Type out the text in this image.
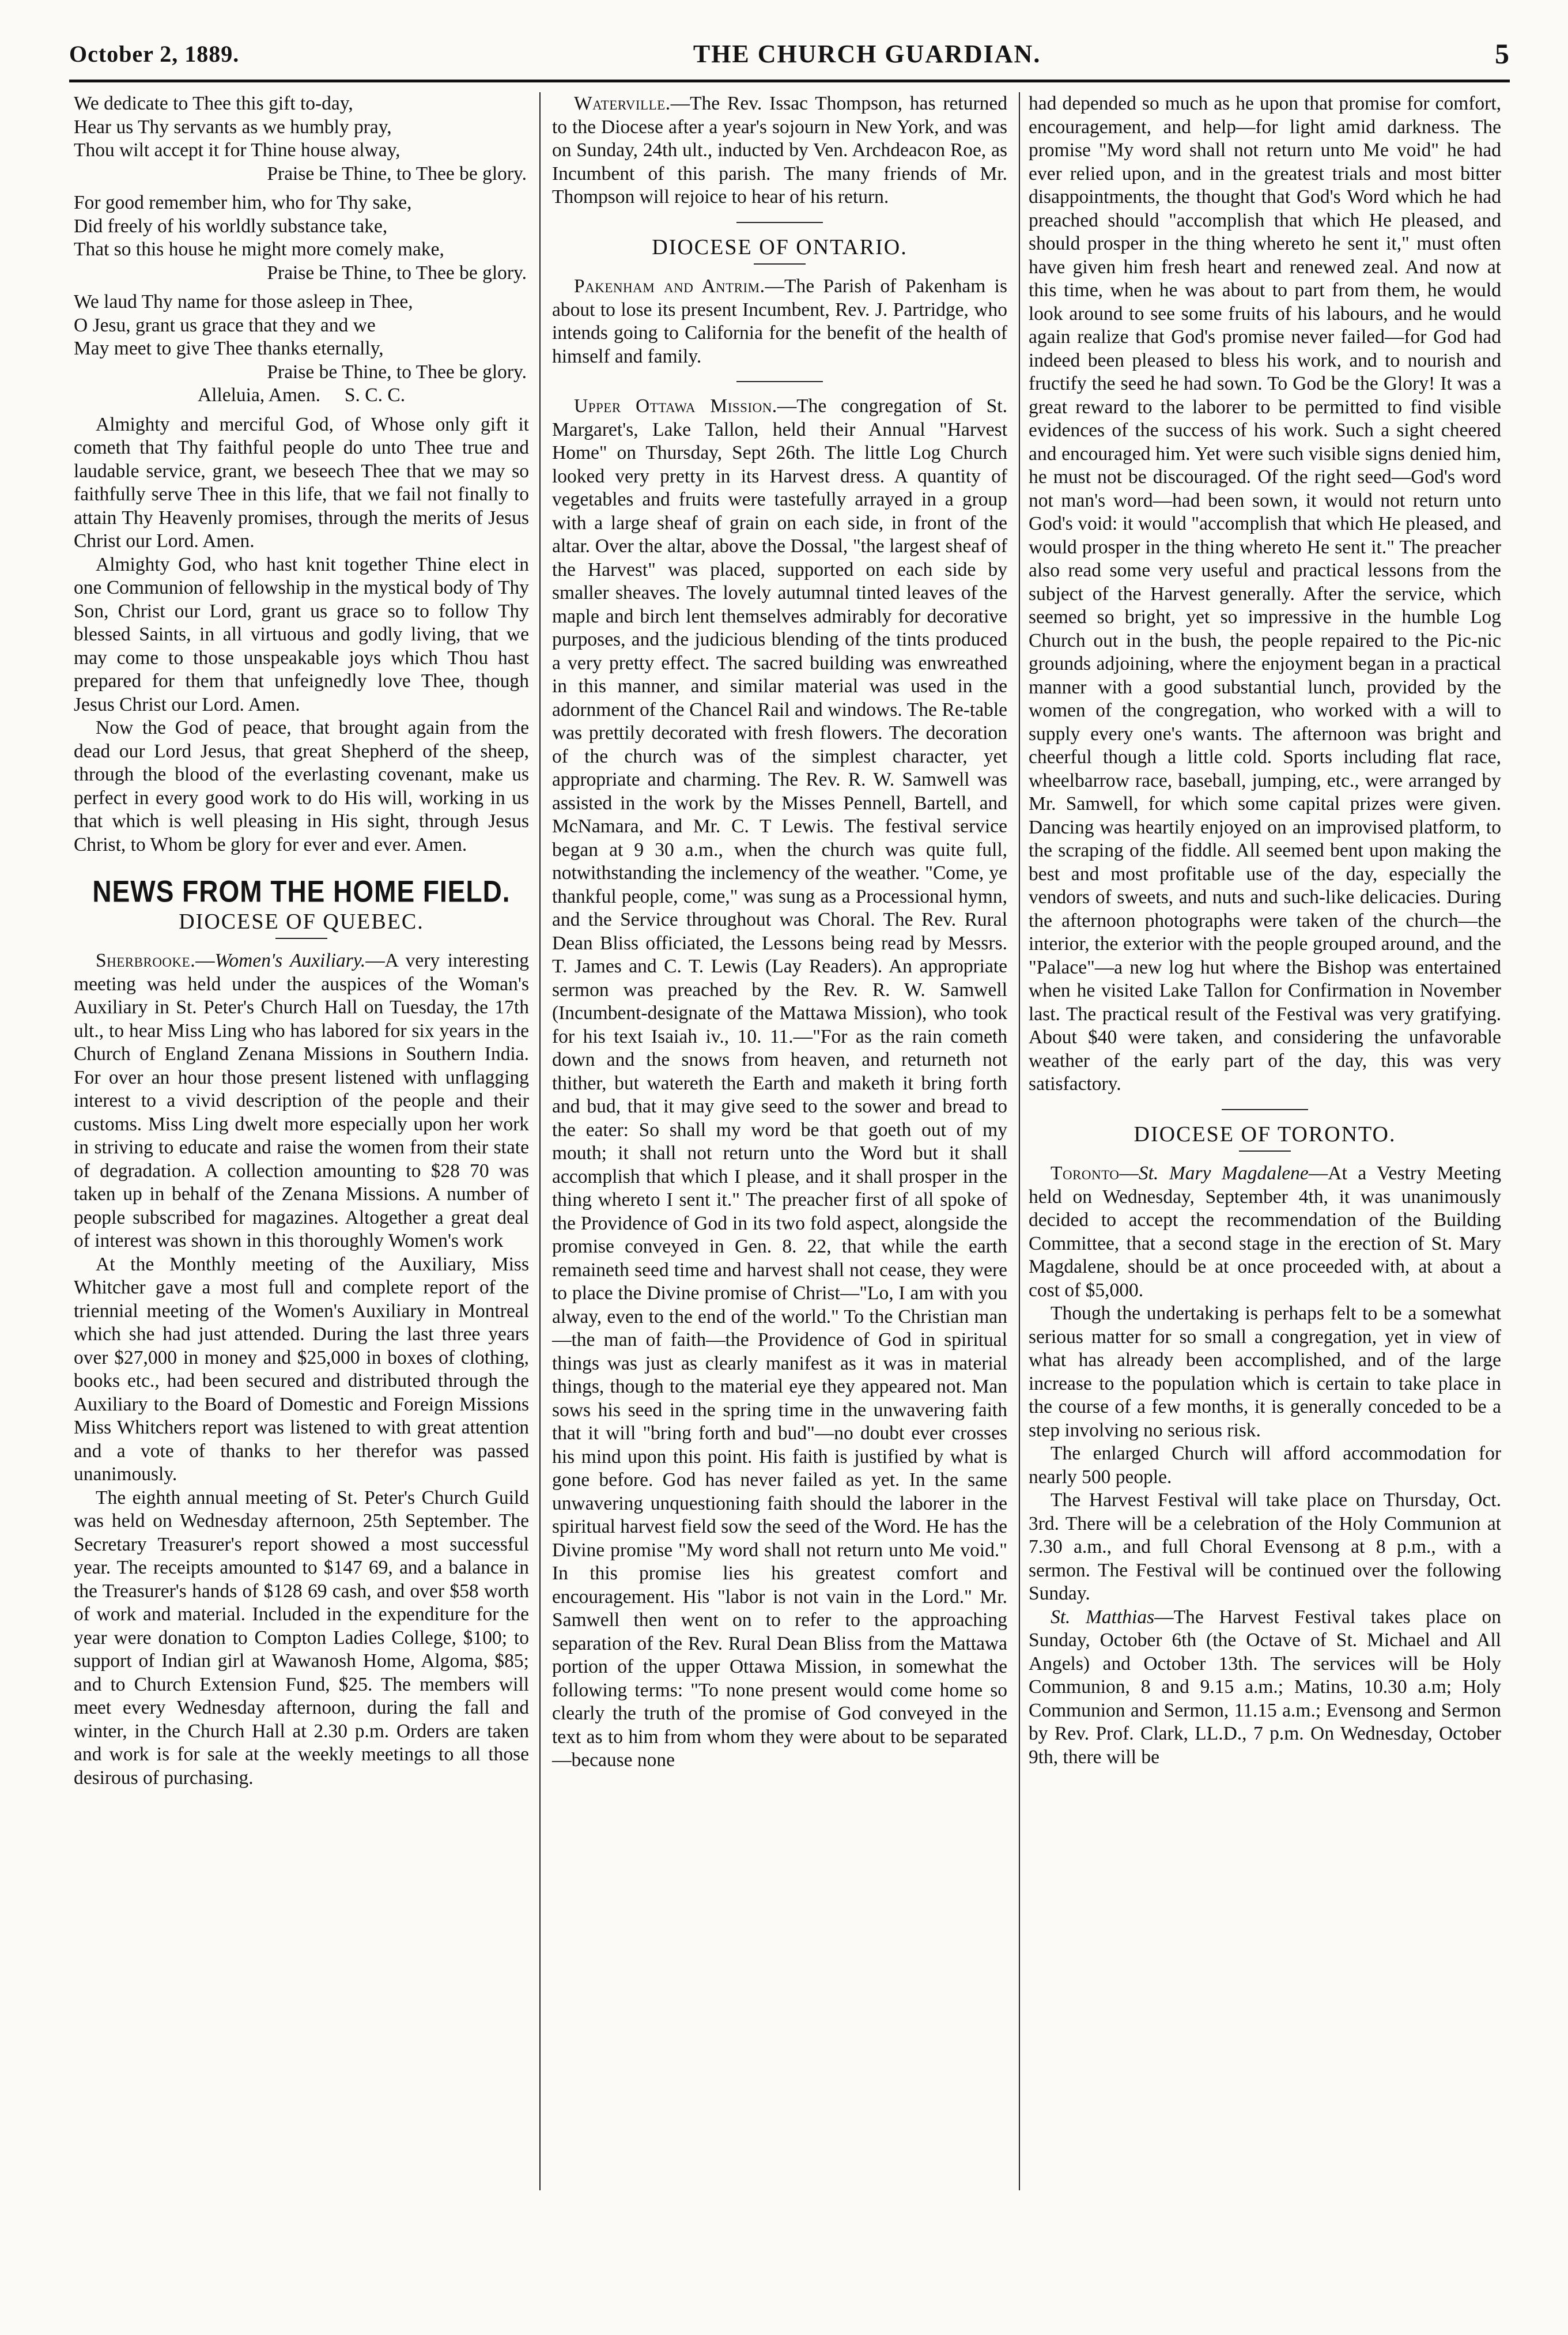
October 2, 1889.	THE CHURCH GUARDIAN.	5
We dedicate to Thee this gift to-day,
Hear us Thy servants as we humbly pray,
Thou wilt accept it for Thine house alway,
Praise be Thine, to Thee be glory.
For good remember him, who for Thy sake,
Did freely of his worldly substance take,
That so this house he might more comely make,
Praise be Thine, to Thee be glory.
We laud Thy name for those asleep in Thee,
O Jesu, grant us grace that they and we
May meet to give Thee thanks eternally,
Praise be Thine, to Thee be glory.
Alleluia, Amen.     S. C. C.

Almighty and merciful God, of Whose only gift it cometh that Thy faithful people do unto Thee true and laudable service, grant, we beseech Thee that we may so faithfully serve Thee in this life, that we fail not finally to attain Thy Heavenly promises, through the merits of Jesus Christ our Lord. Amen.

Almighty God, who hast knit together Thine elect in one Communion of fellowship in the mystical body of Thy Son, Christ our Lord, grant us grace so to follow Thy blessed Saints, in all virtuous and godly living, that we may come to those unspeakable joys which Thou hast prepared for them that unfeignedly love Thee, though Jesus Christ our Lord. Amen.

Now the God of peace, that brought again from the dead our Lord Jesus, that great Shepherd of the sheep, through the blood of the everlasting covenant, make us perfect in every good work to do His will, working in us that which is well pleasing in His sight, through Jesus Christ, to Whom be glory for ever and ever. Amen.

NEWS FROM THE HOME FIELD.
DIOCESE OF QUEBEC.

Sherbrooke.—Women's Auxiliary.—A very interesting meeting was held under the auspices of the Woman's Auxiliary in St. Peter's Church Hall on Tuesday, the 17th ult., to hear Miss Ling who has labored for six years in the Church of England Zenana Missions in Southern India. For over an hour those present listened with unflagging interest to a vivid description of the people and their customs. Miss Ling dwelt more especially upon her work in striving to educate and raise the women from their state of degradation. A collection amounting to $28 70 was taken up in behalf of the Zenana Missions. A number of people subscribed for magazines. Altogether a great deal of interest was shown in this thoroughly Women's work

At the Monthly meeting of the Auxiliary, Miss Whitcher gave a most full and complete report of the triennial meeting of the Women's Auxiliary in Montreal which she had just attended. During the last three years over $27,000 in money and $25,000 in boxes of clothing, books etc., had been secured and distributed through the Auxiliary to the Board of Domestic and Foreign Missions Miss Whitchers report was listened to with great attention and a vote of thanks to her therefor was passed unanimously.

The eighth annual meeting of St. Peter's Church Guild was held on Wednesday afternoon, 25th September. The Secretary Treasurer's report showed a most successful year. The receipts amounted to $147 69, and a balance in the Treasurer's hands of $128 69 cash, and over $58 worth of work and material. Included in the expenditure for the year were donation to Compton Ladies College, $100; to support of Indian girl at Wawanosh Home, Algoma, $85; and to Church Extension Fund, $25. The members will meet every Wednesday afternoon, during the fall and winter, in the Church Hall at 2.30 p.m. Orders are taken and work is for sale at the weekly meetings to all those desirous of purchasing.

Waterville.—The Rev. Issac Thompson, has returned to the Diocese after a year's sojourn in New York, and was on Sunday, 24th ult., inducted by Ven. Archdeacon Roe, as Incumbent of this parish. The many friends of Mr. Thompson will rejoice to hear of his return.

DIOCESE OF ONTARIO.

Pakenham and Antrim.—The Parish of Pakenham is about to lose its present Incumbent, Rev. J. Partridge, who intends going to California for the benefit of the health of himself and family.

Upper Ottawa Mission.—The congregation of St. Margaret's, Lake Tallon, held their Annual "Harvest Home" on Thursday, Sept 26th. The little Log Church looked very pretty in its Harvest dress. A quantity of vegetables and fruits were tastefully arrayed in a group with a large sheaf of grain on each side, in front of the altar. Over the altar, above the Dossal, "the largest sheaf of the Harvest" was placed, supported on each side by smaller sheaves. The lovely autumnal tinted leaves of the maple and birch lent themselves admirably for decorative purposes, and the judicious blending of the tints produced a very pretty effect. The sacred building was enwreathed in this manner, and similar material was used in the adornment of the Chancel Rail and windows. The Re-table was prettily decorated with fresh flowers. The decoration of the church was of the simplest character, yet appropriate and charming. The Rev. R. W. Samwell was assisted in the work by the Misses Pennell, Bartell, and McNamara, and Mr. C. T Lewis. The festival service began at 9 30 a.m., when the church was quite full, notwithstanding the inclemency of the weather. "Come, ye thankful people, come," was sung as a Processional hymn, and the Service throughout was Choral. The Rev. Rural Dean Bliss officiated, the Lessons being read by Messrs. T. James and C. T. Lewis (Lay Readers). An appropriate sermon was preached by the Rev. R. W. Samwell (Incumbent-designate of the Mattawa Mission), who took for his text Isaiah iv., 10. 11.—"For as the rain cometh down and the snows from heaven, and returneth not thither, but watereth the Earth and maketh it bring forth and bud, that it may give seed to the sower and bread to the eater: So shall my word be that goeth out of my mouth; it shall not return unto the Word but it shall accomplish that which I please, and it shall prosper in the thing whereto I sent it." The preacher first of all spoke of the Providence of God in its two fold aspect, alongside the promise conveyed in Gen. 8. 22, that while the earth remaineth seed time and harvest shall not cease, they were to place the Divine promise of Christ—"Lo, I am with you alway, even to the end of the world." To the Christian man—the man of faith—the Providence of God in spiritual things was just as clearly manifest as it was in material things, though to the material eye they appeared not. Man sows his seed in the spring time in the unwavering faith that it will "bring forth and bud"—no doubt ever crosses his mind upon this point. His faith is justified by what is gone before. God has never failed as yet. In the same unwavering unquestioning faith should the laborer in the spiritual harvest field sow the seed of the Word. He has the Divine promise "My word shall not return unto Me void." In this promise lies his greatest comfort and encouragement. His "labor is not vain in the Lord." Mr. Samwell then went on to refer to the approaching separation of the Rev. Rural Dean Bliss from the Mattawa portion of the upper Ottawa Mission, in somewhat the following terms: "To none present would come home so clearly the truth of the promise of God conveyed in the text as to him from whom they were about to be separated—because none

had depended so much as he upon that promise for comfort, encouragement, and help—for light amid darkness. The promise "My word shall not return unto Me void" he had ever relied upon, and in the greatest trials and most bitter disappointments, the thought that God's Word which he had preached should "accomplish that which He pleased, and should prosper in the thing whereto he sent it," must often have given him fresh heart and renewed zeal. And now at this time, when he was about to part from them, he would look around to see some fruits of his labours, and he would again realize that God's promise never failed—for God had indeed been pleased to bless his work, and to nourish and fructify the seed he had sown. To God be the Glory! It was a great reward to the laborer to be permitted to find visible evidences of the success of his work. Such a sight cheered and encouraged him. Yet were such visible signs denied him, he must not be discouraged. Of the right seed—God's word not man's word—had been sown, it would not return unto God's void: it would "accomplish that which He pleased, and would prosper in the thing whereto He sent it." The preacher also read some very useful and practical lessons from the subject of the Harvest generally. After the service, which seemed so bright, yet so impressive in the humble Log Church out in the bush, the people repaired to the Pic-nic grounds adjoining, where the enjoyment began in a practical manner with a good substantial lunch, provided by the women of the congregation, who worked with a will to supply every one's wants. The afternoon was bright and cheerful though a little cold. Sports including flat race, wheelbarrow race, baseball, jumping, etc., were arranged by Mr. Samwell, for which some capital prizes were given. Dancing was heartily enjoyed on an improvised platform, to the scraping of the fiddle. All seemed bent upon making the best and most profitable use of the day, especially the vendors of sweets, and nuts and such-like delicacies. During the afternoon photographs were taken of the church—the interior, the exterior with the people grouped around, and the "Palace"—a new log hut where the Bishop was entertained when he visited Lake Tallon for Confirmation in November last. The practical result of the Festival was very gratifying. About $40 were taken, and considering the unfavorable weather of the early part of the day, this was very satisfactory.

DIOCESE OF TORONTO.

Toronto—St. Mary Magdalene—At a Vestry Meeting held on Wednesday, September 4th, it was unanimously decided to accept the recommendation of the Building Committee, that a second stage in the erection of St. Mary Magdalene, should be at once proceeded with, at about a cost of $5,000.

Though the undertaking is perhaps felt to be a somewhat serious matter for so small a congregation, yet in view of what has already been accomplished, and of the large increase to the population which is certain to take place in the course of a few months, it is generally conceded to be a step involving no serious risk.

The enlarged Church will afford accommodation for nearly 500 people.

The Harvest Festival will take place on Thursday, Oct. 3rd. There will be a celebration of the Holy Communion at 7.30 a.m., and full Choral Evensong at 8 p.m., with a sermon. The Festival will be continued over the following Sunday.

St. Matthias—The Harvest Festival takes place on Sunday, October 6th (the Octave of St. Michael and All Angels) and October 13th. The services will be Holy Communion, 8 and 9.15 a.m.; Matins, 10.30 a.m; Holy Communion and Sermon, 11.15 a.m.; Evensong and Sermon by Rev. Prof. Clark, LL.D., 7 p.m. On Wednesday, October 9th, there will be
